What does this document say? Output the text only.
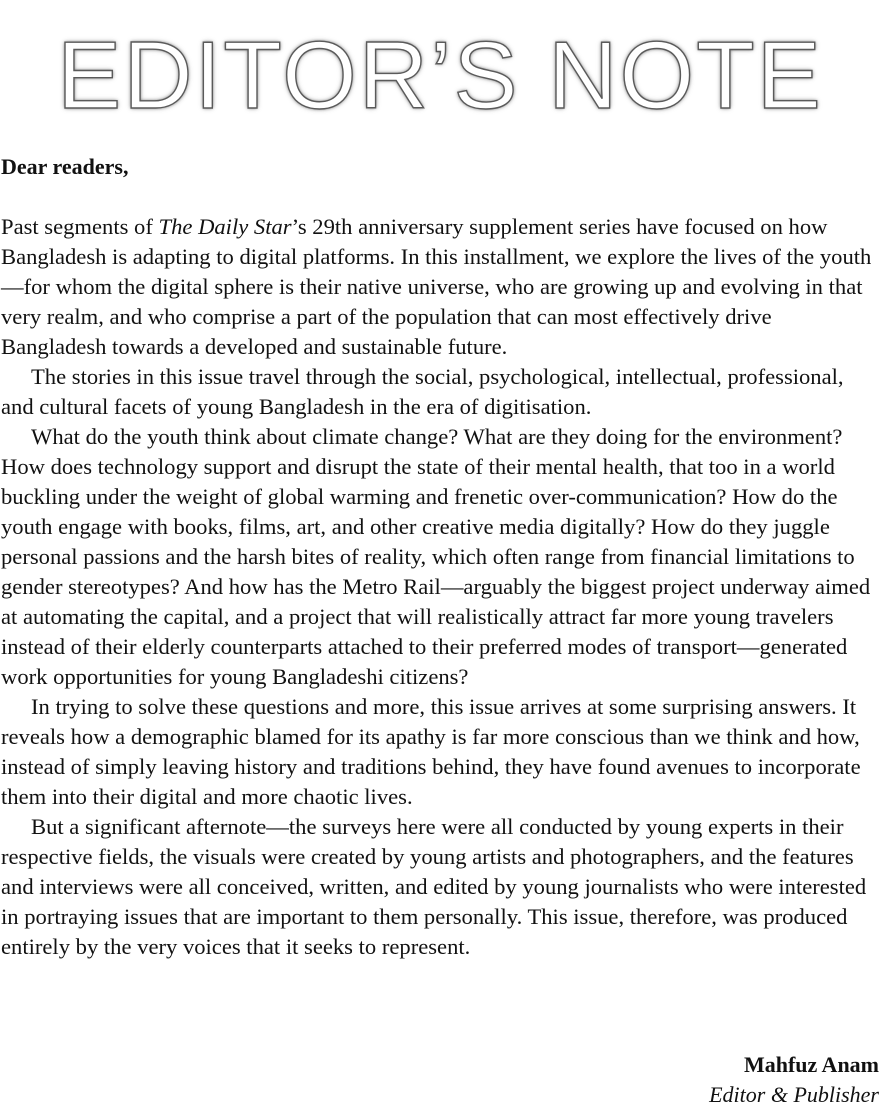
EDITOR’S NOTE
Dear readers,

Past segments of The Daily Star’s 29th anniversary supplement series have focused on how Bangladesh is adapting to digital platforms. In this installment, we explore the lives of the youth—for whom the digital sphere is their native universe, who are growing up and evolving in that very realm, and who comprise a part of the population that can most effectively drive Bangladesh towards a developed and sustainable future.

The stories in this issue travel through the social, psychological, intellectual, professional, and cultural facets of young Bangladesh in the era of digitisation.

What do the youth think about climate change? What are they doing for the environment? How does technology support and disrupt the state of their mental health, that too in a world buckling under the weight of global warming and frenetic over-communication? How do the youth engage with books, films, art, and other creative media digitally? How do they juggle personal passions and the harsh bites of reality, which often range from financial limitations to gender stereotypes? And how has the Metro Rail—arguably the biggest project underway aimed at automating the capital, and a project that will realistically attract far more young travelers instead of their elderly counterparts attached to their preferred modes of transport—generated work opportunities for young Bangladeshi citizens?

In trying to solve these questions and more, this issue arrives at some surprising answers. It reveals how a demographic blamed for its apathy is far more conscious than we think and how, instead of simply leaving history and traditions behind, they have found avenues to incorporate them into their digital and more chaotic lives.

But a significant afternote—the surveys here were all conducted by young experts in their respective fields, the visuals were created by young artists and photographers, and the features and interviews were all conceived, written, and edited by young journalists who were interested in portraying issues that are important to them personally. This issue, therefore, was produced entirely by the very voices that it seeks to represent.

Mahfuz Anam
Editor & Publisher
